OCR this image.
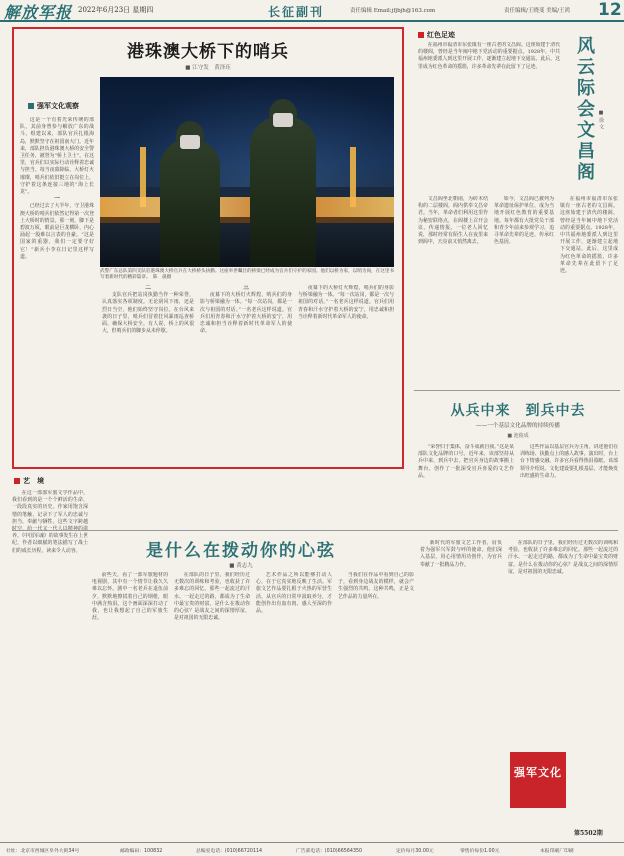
解放军报 2022年6月23日 星期四	长征副刊	责任编辑 Email:jfjbjh@163.com	责任编辑/王晓斐 美编/王鸿 12
港珠澳大桥下的哨兵
■ 江守发　黄泽珏
武警广东总队第四支队驻港珠澳大桥官兵在大桥桥头执勤。这座举世瞩目的桥梁已经成为官兵们守护的家园。他们以桥为家，以哨为岗，在这里书写着新时代的精彩篇章。　陈　晟摄
强军文化观察

这是一个有着光荣传统的部队，其前身曾参与解放广东的战斗。组建以来，部队官兵扎根海岛，默默坚守在祖国南大门。近年来，部队担负港珠澳大桥的安全警卫任务，被誉为“桥上卫士”。在这里，官兵们以实际行动诠释着忠诚与担当。每当夜幕降临，大桥灯火璀璨，哨兵们依旧挺立在岗位上，守护着这条连接三地的“海上长龙”。

一

已经过去了大半年，守卫港珠澳大桥的哨兵们依然记得第一次登上大桥时的情景。那一刻，脚下是碧波万顷，眼前是巨龙横卧，内心涌起一股难以言表的自豪。“这是国家的重器，我们一定要守好它！”新兵小李在日记里这样写道。

二

支队官兵把站岗执勤当作一种荣誉，认真落实各项制度。无论刮风下雨，还是烈日当空，他们始终坚守岗位。在台风来袭的日子里，哨兵们冒着狂风暴雨巡查桥面，确保大桥安全。有人说，桥上的风很大，但哨兵们的脚步从未停歇。

三

夜幕下的大桥灯火辉煌，哨兵们的身影与桥梁融为一体。“每一次站岗，都是一次与祖国的对话。”一名老兵这样说道。官兵们用青春和汗水守护着大桥的安宁，用忠诚和担当诠释着新时代革命军人的使命。

夜幕下的大桥灯火辉煌，哨兵们的身影与桥梁融为一体。“每一次站岗，都是一次与祖国的对话。”一名老兵这样说道。官兵们用青春和汗水守护着大桥的安宁，用忠诚和担当诠释着新时代革命军人的使命。

红色足迹
风云际会文昌阁 ■ 徐 文

在福州市福清市东张镇有一座古老的文昌阁。这座始建于清代的楼阁，曾经是当年闽中地下党活动的重要据点。1928年，中共福州地委派人到这里开展工作，逐渐建立起地下交通站。此后，这里成为红色革命的摇篮，许多革命先辈在此留下了足迹。

文昌阁坐北朝南，为砖木结构的二层楼阁，阁内供奉文昌帝君。当年，革命者们利用这里作为秘密联络点，在阁楼上召开会议、传递情报。一位老人回忆说，那时经常有陌生人在夜里来到阁中，天亮前又悄然离去。

如今，文昌阁已被列为革命遗址保护单位，成为当地开展红色教育的重要基地。每年都有大批党员干部和青少年前来参观学习，追寻革命先辈的足迹，传承红色基因。

在福州市福清市东张镇有一座古老的文昌阁。这座始建于清代的楼阁，曾经是当年闽中地下党活动的重要据点。1928年，中共福州地委派人到这里开展工作，逐渐建立起地下交通站。此后，这里成为红色革命的摇篮，许多革命先辈在此留下了足迹。

从兵中来　到兵中去
——一个基层文化品牌的持续传播
■ 池俊成

“荣誉归于集体，奋斗成就自我。”这是某部队文化品牌的口号。近年来，该部坚持从兵中来、到兵中去，把官兵身边的故事搬上舞台，创作了一批深受官兵喜爱的文艺作品。

这些作品以基层官兵为主角，讲述他们在训练场、执勤点上的感人故事。演出时，台上台下情感交融，许多官兵看得热泪盈眶。该部领导介绍说，文化建设要扎根基层，才能焕发出旺盛的生命力。

艺　境

在这一部部军旅文学作品中，我们看到的是一个个鲜活的生命，一段段真实的历史。作家用饱含深情的笔触，记录下了军人的忠诚与担当、奉献与牺牲。这些文字跨越 养。《中国军魂》的故事发生在上世纪，作者以细腻的笔法描写了战士们的成长历程，读来令人动容。	是什么在拨动你的心弦
■ 黄志九

前些天，看了一部军旅题材的电视剧，其中有一个情节让我久久难以忘怀。剧中一名老兵在退伍前夕，默默地擦拭着自己的钢枪，眼中满含热泪。这个画面深深打动了我，也让我想起了自己的军旅生涯。

在部队的日子里，我们经历过无数次的训练和考验，也收获了许多难忘的回忆。那些一起流过的汗水、一起走过的路，都成为了生命中最宝贵的财富。是什么在拨动你的心弦？是战友之间的深情厚谊，是对祖国的无限忠诚。

艺术作品之所以能够打动人心，在于它真实地反映了生活。军旅文艺作品要扎根于火热的军营生活，从官兵的日常中汲取养分，才能创作出有血有肉、感人至深的作品。

当我们在作品中看到自己的影子，看到身边战友的模样，就会产生强烈的共鸣。这种共鸣，正是文艺作品的力量所在。

新时代的军旅文艺工作者，肩负着为强军兴军鼓与呼的使命。他们深入基层，用心用情用功创作，为官兵奉献了一批精品力作。

在部队的日子里，我们经历过无数次的训练和考验，也收获了许多难忘的回忆。那些一起流过的汗水、一起走过的路，都成为了生命中最宝贵的财富。是什么在拨动你的心弦？是战友之间的深情厚谊，是对祖国的无限忠诚。

强军文化
第5502期
社址：北京市西城区阜外大街34号	邮政编码：100832	总编室电话：(010)66720114	广告部电话：(010)66564350	定价每月30.00元	零售价每份1.00元	本报印刷厂印刷
